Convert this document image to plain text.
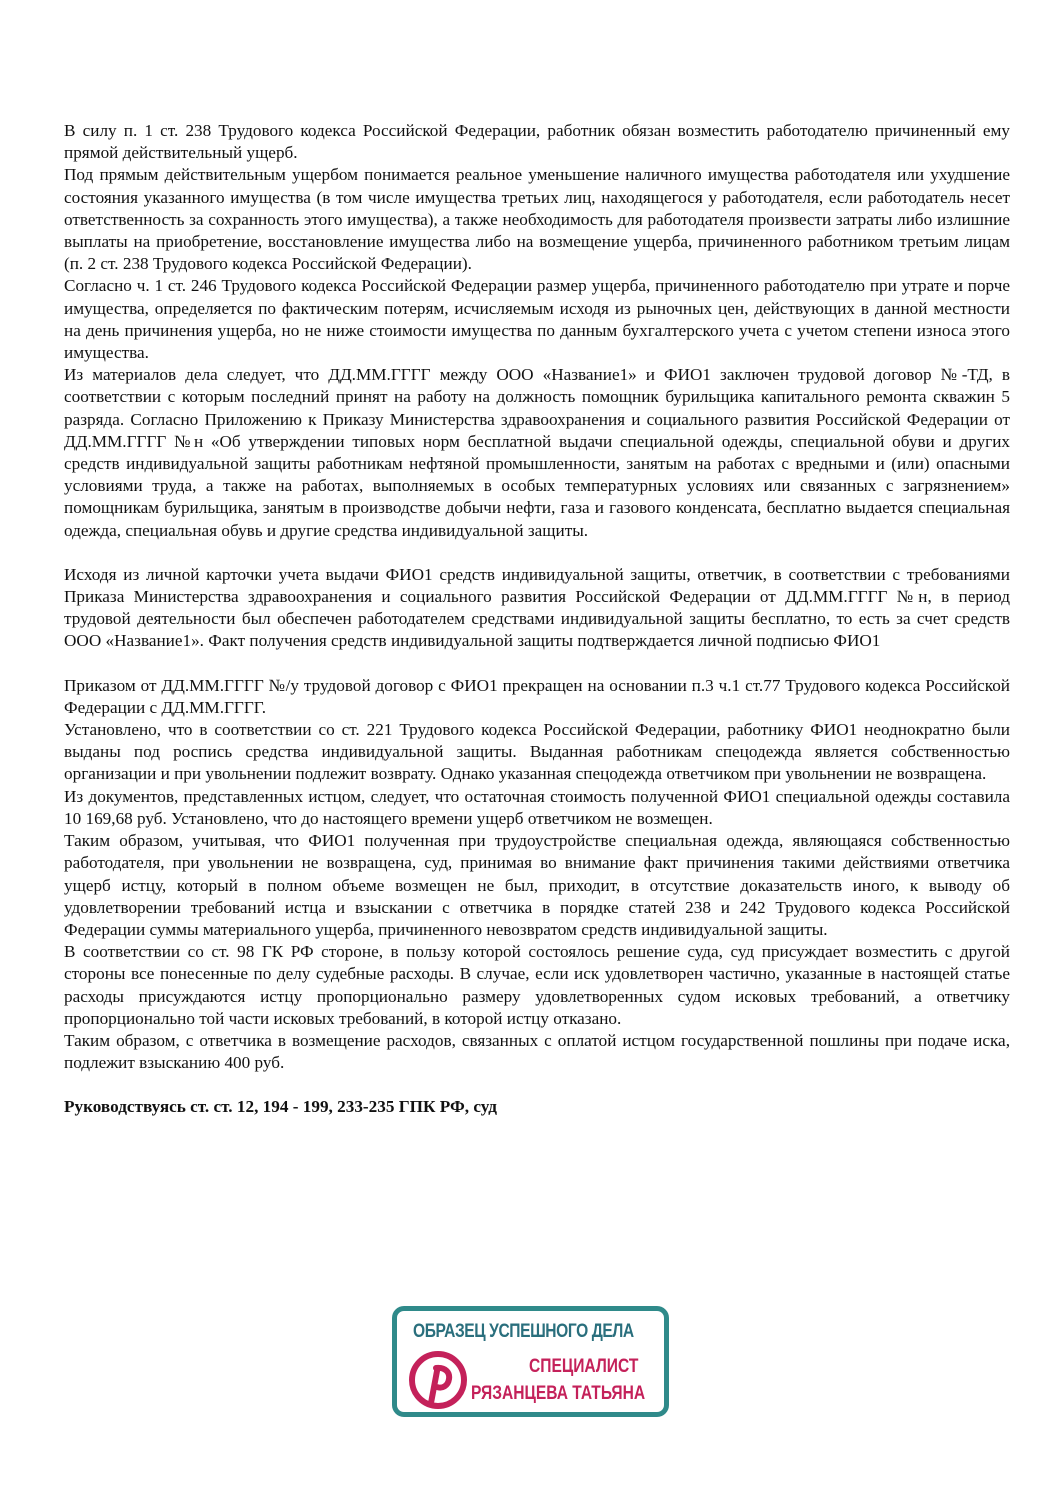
В силу п. 1 ст. 238 Трудового кодекса Российской Федерации, работник обязан возместить работодателю причиненный ему прямой действительный ущерб.

Под прямым действительным ущербом понимается реальное уменьшение наличного имущества работодателя или ухудшение состояния указанного имущества (в том числе имущества третьих лиц, находящегося у работодателя, если работодатель несет ответственность за сохранность этого имущества), а также необходимость для работодателя произвести затраты либо излишние выплаты на приобретение, восстановление имущества либо на возмещение ущерба, причиненного работником третьим лицам (п. 2 ст. 238 Трудового кодекса Российской Федерации).

Согласно ч. 1 ст. 246 Трудового кодекса Российской Федерации размер ущерба, причиненного работодателю при утрате и порче имущества, определяется по фактическим потерям, исчисляемым исходя из рыночных цен, действующих в данной местности на день причинения ущерба, но не ниже стоимости имущества по данным бухгалтерского учета с учетом степени износа этого имущества.

Из материалов дела следует, что ДД.ММ.ГГГГ между ООО «Название1» и ФИО1 заключен трудовой договор №-ТД, в соответствии с которым последний принят на работу на должность помощник бурильщика капитального ремонта скважин 5 разряда. Согласно Приложению к Приказу Министерства здравоохранения и социального развития Российской Федерации от ДД.ММ.ГГГГ №н «Об утверждении типовых норм бесплатной выдачи специальной одежды, специальной обуви и других средств индивидуальной защиты работникам нефтяной промышленности, занятым на работах с вредными и (или) опасными условиями труда, а также на работах, выполняемых в особых температурных условиях или связанных с загрязнением» помощникам бурильщика, занятым в производстве добычи нефти, газа и газового конденсата, бесплатно выдается специальная одежда, специальная обувь и другие средства индивидуальной защиты.

Исходя из личной карточки учета выдачи ФИО1 средств индивидуальной защиты, ответчик, в соответствии с требованиями Приказа Министерства здравоохранения и социального развития Российской Федерации от ДД.ММ.ГГГГ №н, в период трудовой деятельности был обеспечен работодателем средствами индивидуальной защиты бесплатно, то есть за счет средств ООО «Название1». Факт получения средств индивидуальной защиты подтверждается личной подписью ФИО1

Приказом от ДД.ММ.ГГГГ №/у трудовой договор с ФИО1 прекращен на основании п.3 ч.1 ст.77 Трудового кодекса Российской Федерации с ДД.ММ.ГГГГ.

Установлено, что в соответствии со ст. 221 Трудового кодекса Российской Федерации, работнику ФИО1 неоднократно были выданы под роспись средства индивидуальной защиты. Выданная работникам спецодежда является собственностью организации и при увольнении подлежит возврату. Однако указанная спецодежда ответчиком при увольнении не возвращена.

Из документов, представленных истцом, следует, что остаточная стоимость полученной ФИО1 специальной одежды составила 10 169,68 руб. Установлено, что до настоящего времени ущерб ответчиком не возмещен.

Таким образом, учитывая, что ФИО1 полученная при трудоустройстве специальная одежда, являющаяся собственностью работодателя, при увольнении не возвращена, суд, принимая во внимание факт причинения такими действиями ответчика ущерб истцу, который в полном объеме возмещен не был, приходит, в отсутствие доказательств иного, к выводу об удовлетворении требований истца и взыскании с ответчика в порядке статей 238 и 242 Трудового кодекса Российской Федерации суммы материального ущерба, причиненного невозвратом средств индивидуальной защиты.

В соответствии со ст. 98 ГК РФ стороне, в пользу которой состоялось решение суда, суд присуждает возместить с другой стороны все понесенные по делу судебные расходы. В случае, если иск удовлетворен частично, указанные в настоящей статье расходы присуждаются истцу пропорционально размеру удовлетворенных судом исковых требований, а ответчику пропорционально той части исковых требований, в которой истцу отказано.

Таким образом, с ответчика в возмещение расходов, связанных с оплатой истцом государственной пошлины при подаче иска, подлежит взысканию 400 руб.

Руководствуясь ст. ст. 12, 194 - 199, 233-235 ГПК РФ, суд

ОБРАЗЕЦ УСПЕШНОГО ДЕЛА
СПЕЦИАЛИСТ
РЯЗАНЦЕВА ТАТЬЯНА
